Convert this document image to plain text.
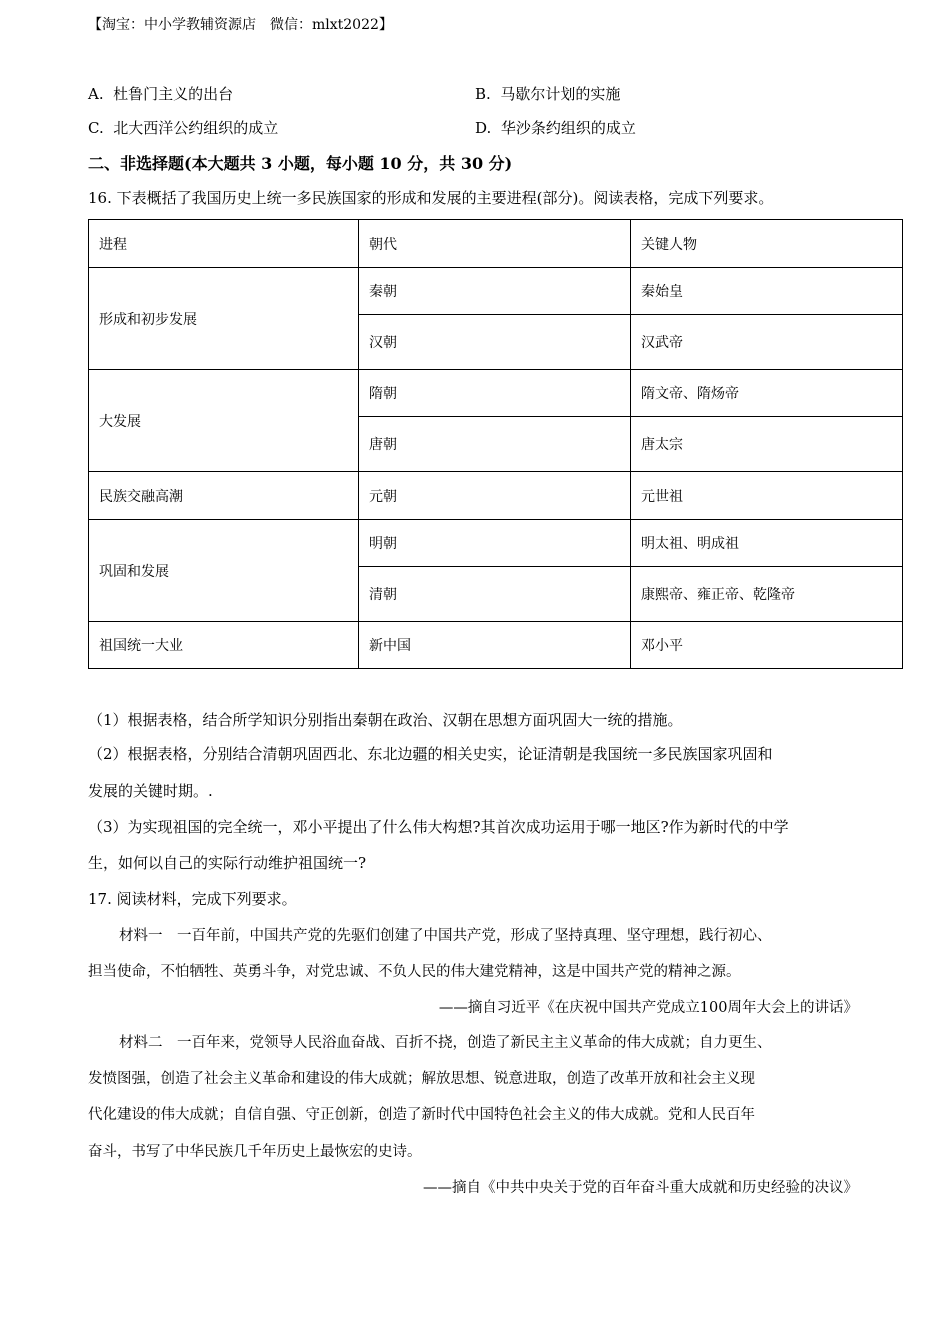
【淘宝：中小学教辅资源店　微信：mlxt2022】
A. 杜鲁门主义的出台	B. 马歇尔计划的实施
C. 北大西洋公约组织的成立	D. 华沙条约组织的成立
二、非选择题(本大题共 3 小题，每小题 10 分，共 30 分)
16. 下表概括了我国历史上统一多民族国家的形成和发展的主要进程(部分)。阅读表格，完成下列要求。
进程	朝代	关键人物
形成和初步发展	秦朝	秦始皇
	汉朝	汉武帝
大发展	隋朝	隋文帝、隋炀帝
	唐朝	唐太宗
民族交融高潮	元朝	元世祖
巩固和发展	明朝	明太祖、明成祖
	清朝	康熙帝、雍正帝、乾隆帝
祖国统一大业	新中国	邓小平
（1）根据表格，结合所学知识分别指出秦朝在政治、汉朝在思想方面巩固大一统的措施。
（2）根据表格，分别结合清朝巩固西北、东北边疆的相关史实，论证清朝是我国统一多民族国家巩固和
发展的关键时期。.
（3）为实现祖国的完全统一，邓小平提出了什么伟大构想?其首次成功运用于哪一地区?作为新时代的中学
生，如何以自己的实际行动维护祖国统一?
17. 阅读材料，完成下列要求。
材料一　一百年前，中国共产党的先驱们创建了中国共产党，形成了坚持真理、坚守理想，践行初心、
担当使命，不怕牺牲、英勇斗争，对党忠诚、不负人民的伟大建党精神，这是中国共产党的精神之源。
——摘自习近平《在庆祝中国共产党成立100周年大会上的讲话》
材料二　一百年来，党领导人民浴血奋战、百折不挠，创造了新民主主义革命的伟大成就；自力更生、
发愤图强，创造了社会主义革命和建设的伟大成就；解放思想、锐意进取，创造了改革开放和社会主义现
代化建设的伟大成就；自信自强、守正创新，创造了新时代中国特色社会主义的伟大成就。党和人民百年
奋斗，书写了中华民族几千年历史上最恢宏的史诗。
——摘自《中共中央关于党的百年奋斗重大成就和历史经验的决议》
